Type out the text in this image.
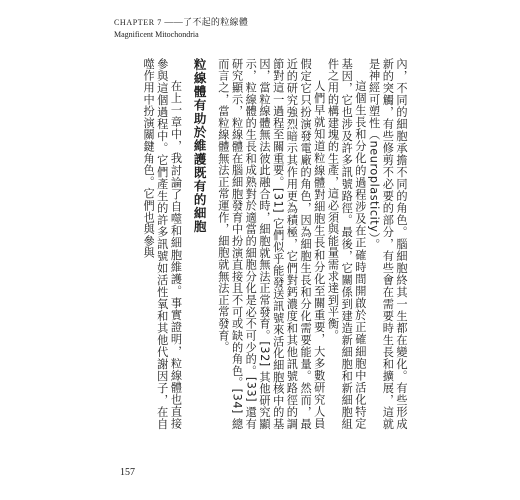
CHAPTER 7 ——了不起的粒線體
Magnificent Mitochondria

內，不同的細胞承擔不同的角色。腦細胞終其一生都在變化。有些形成新的突觸，有些修剪不必要的部分，有些會在需要時生長和擴展，這就是神經可塑性（neuroplasticity）。

這個生長和分化的過程涉及在正確時間開啟於正確細胞中活化特定基因，它也涉及許多訊號路徑。最後，它關係到建造新細胞和新細胞組件之用的構建塊的生產，這必須與能量需求達到平衡。

人們早就知道粒線體對細胞生長和分化至關重要，大多數研究人員假定它只扮演發電廠的角色，因為細胞生長和分化需要能量。然而，最近的研究強烈暗示其作用更為積極，它們對鈣濃度和其他訊號路徑的調節對這一過程至關重要。[31] 它們似乎能發送訊號來活化細胞核中的基因，當粒線體無法彼此融合時，細胞就無法正常發育。[32] 其他研究顯示，粒線體的生長和成熟對於適當的細胞分化是必不可少的。[33] 還有研究顯示，粒線體在腦細胞發育中扮演直接且不可或缺的角色。[34] 總而言之，當粒線體無法正常運作，細胞就無法正常發育。

粒線體有助於維護既有的細胞

在上一章中，我討論了自噬和細胞維護。事實證明，粒線體也直接參與這個過程中。它們產生的許多訊號如活性氧和其他代謝因子，在自噬作用中扮演關鍵角色。它們也與參與

157
